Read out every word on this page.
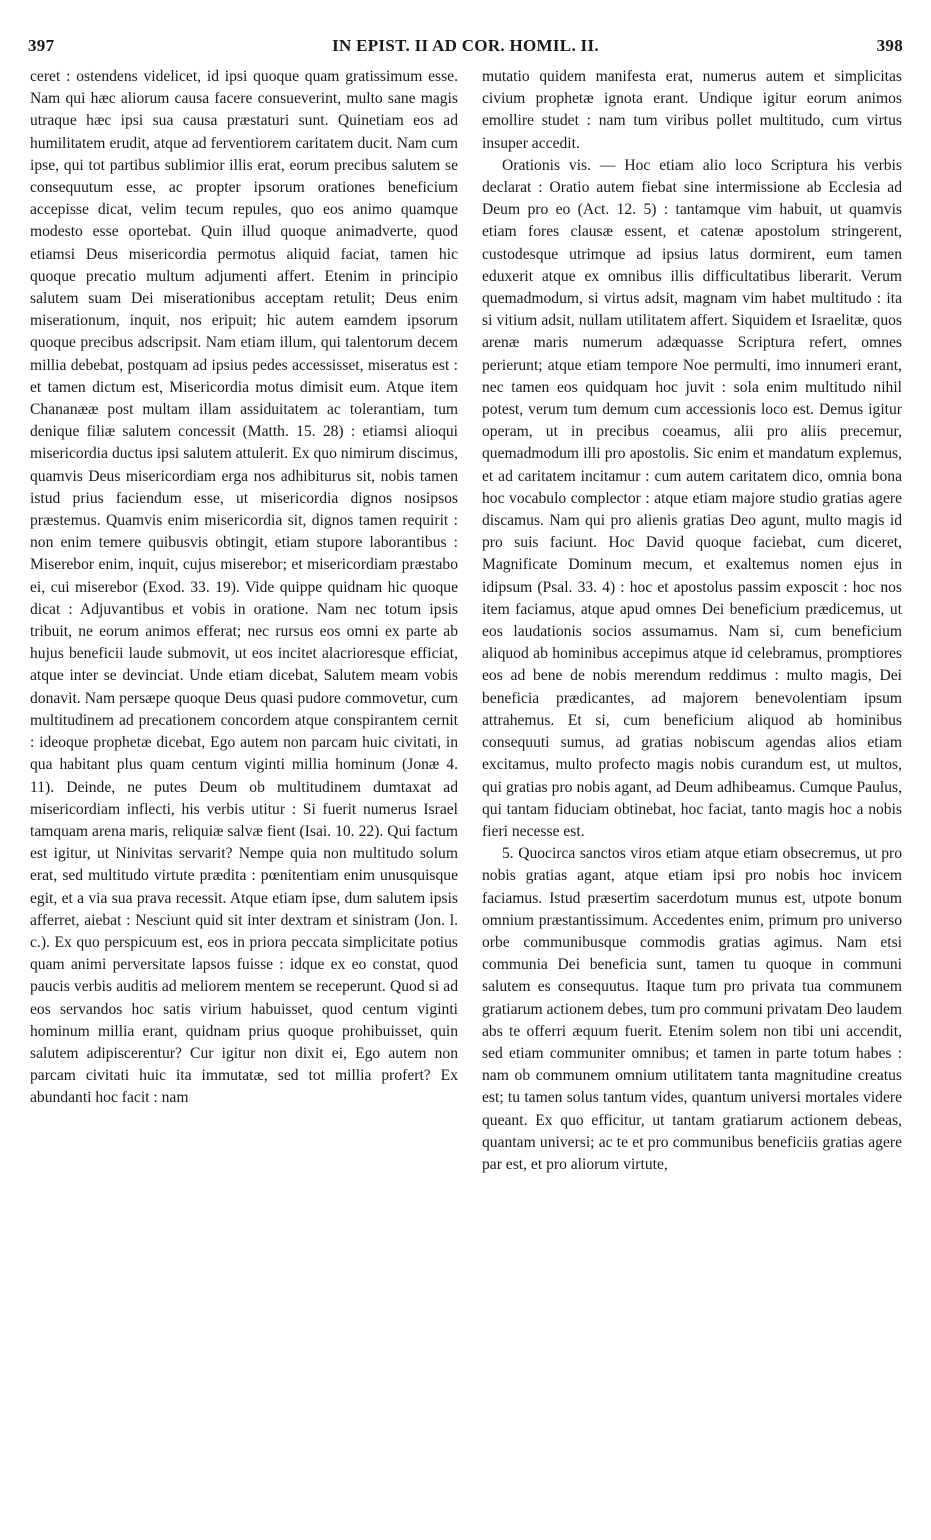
397	IN EPIST. II AD COR. HOMIL. II.	398

ceret : ostendens videlicet, id ipsi quoque quam gratissimum esse. Nam qui hæc aliorum causa facere consueverint, multo sane magis utraque hæc ipsi sua causa præstaturi sunt. Quinetiam eos ad humilitatem erudit, atque ad ferventiorem caritatem ducit. Nam cum ipse, qui tot partibus sublimior illis erat, eorum precibus salutem se consequutum esse, ac propter ipsorum orationes beneficium accepisse dicat, velim tecum repules, quo eos animo quamque modesto esse oportebat. Quin illud quoque animadverte, quod etiamsi Deus misericordia permotus aliquid faciat, tamen hic quoque precatio multum adjumenti affert. Etenim in principio salutem suam Dei miserationibus acceptam retulit; Deus enim miserationum, inquit, nos eripuit; hic autem eamdem ipsorum quoque precibus adscripsit. Nam etiam illum, qui talentorum decem millia debebat, postquam ad ipsius pedes accessisset, miseratus est : et tamen dictum est, Misericordia motus dimisit eum. Atque item Chananææ post multam illam assiduitatem ac tolerantiam, tum denique filiæ salutem concessit (Matth. 15. 28) : etiamsi alioqui misericordia ductus ipsi salutem attulerit. Ex quo nimirum discimus, quamvis Deus misericordiam erga nos adhibiturus sit, nobis tamen istud prius faciendum esse, ut misericordia dignos nosipsos præstemus. Quamvis enim misericordia sit, dignos tamen requirit : non enim temere quibusvis obtingit, etiam stupore laborantibus : Miserebor enim, inquit, cujus miserebor; et misericordiam præstabo ei, cui miserebor (Exod. 33. 19). Vide quippe quidnam hic quoque dicat : Adjuvantibus et vobis in oratione. Nam nec totum ipsis tribuit, ne eorum animos efferat; nec rursus eos omni ex parte ab hujus beneficii laude submovit, ut eos incitet alacrioresque efficiat, atque inter se devinciat. Unde etiam dicebat, Salutem meam vobis donavit. Nam persæpe quoque Deus quasi pudore commovetur, cum multitudinem ad precationem concordem atque conspirantem cernit : ideoque prophetæ dicebat, Ego autem non parcam huic civitati, in qua habitant plus quam centum viginti millia hominum (Jonæ 4. 11). Deinde, ne putes Deum ob multitudinem dumtaxat ad misericordiam inflecti, his verbis utitur : Si fuerit numerus Israel tamquam arena maris, reliquiæ salvæ fient (Isai. 10. 22). Qui factum est igitur, ut Ninivitas servarit? Nempe quia non multitudo solum erat, sed multitudo virtute prædita : pœnitentiam enim unusquisque egit, et a via sua prava recessit. Atque etiam ipse, dum salutem ipsis afferret, aiebat : Nesciunt quid sit inter dextram et sinistram (Jon. l. c.). Ex quo perspicuum est, eos in priora peccata simplicitate potius quam animi perversitate lapsos fuisse : idque ex eo constat, quod paucis verbis auditis ad meliorem mentem se receperunt. Quod si ad eos servandos hoc satis virium habuisset, quod centum viginti hominum millia erant, quidnam prius quoque prohibuisset, quin salutem adipiscerentur? Cur igitur non dixit ei, Ego autem non parcam civitati huic ita immutatæ, sed tot millia profert? Ex abundanti hoc facit : nam

mutatio quidem manifesta erat, numerus autem et simplicitas civium prophetæ ignota erant. Undique igitur eorum animos emollire studet : nam tum viribus pollet multitudo, cum virtus insuper accedit.

Orationis vis. — Hoc etiam alio loco Scriptura his verbis declarat : Oratio autem fiebat sine intermissione ab Ecclesia ad Deum pro eo (Act. 12. 5) : tantamque vim habuit, ut quamvis etiam fores clausæ essent, et catenæ apostolum stringerent, custodesque utrimque ad ipsius latus dormirent, eum tamen eduxerit atque ex omnibus illis difficultatibus liberarit. Verum quemadmodum, si virtus adsit, magnam vim habet multitudo : ita si vitium adsit, nullam utilitatem affert. Siquidem et Israelitæ, quos arenæ maris numerum adæquasse Scriptura refert, omnes perierunt; atque etiam tempore Noe permulti, imo innumeri erant, nec tamen eos quidquam hoc juvit : sola enim multitudo nihil potest, verum tum demum cum accessionis loco est. Demus igitur operam, ut in precibus coeamus, alii pro aliis precemur, quemadmodum illi pro apostolis. Sic enim et mandatum explemus, et ad caritatem incitamur : cum autem caritatem dico, omnia bona hoc vocabulo complector : atque etiam majore studio gratias agere discamus. Nam qui pro alienis gratias Deo agunt, multo magis id pro suis faciunt. Hoc David quoque faciebat, cum diceret, Magnificate Dominum mecum, et exaltemus nomen ejus in idipsum (Psal. 33. 4) : hoc et apostolus passim exposcit : hoc nos item faciamus, atque apud omnes Dei beneficium prædicemus, ut eos laudationis socios assumamus. Nam si, cum beneficium aliquod ab hominibus accepimus atque id celebramus, promptiores eos ad bene de nobis merendum reddimus : multo magis, Dei beneficia prædicantes, ad majorem benevolentiam ipsum attrahemus. Et si, cum beneficium aliquod ab hominibus consequuti sumus, ad gratias nobiscum agendas alios etiam excitamus, multo profecto magis nobis curandum est, ut multos, qui gratias pro nobis agant, ad Deum adhibeamus. Cumque Paulus, qui tantam fiduciam obtinebat, hoc faciat, tanto magis hoc a nobis fieri necesse est.

5. Quocirca sanctos viros etiam atque etiam obsecremus, ut pro nobis gratias agant, atque etiam ipsi pro nobis hoc invicem faciamus. Istud præsertim sacerdotum munus est, utpote bonum omnium præstantissimum. Accedentes enim, primum pro universo orbe communibusque commodis gratias agimus. Nam etsi communia Dei beneficia sunt, tamen tu quoque in communi salutem es consequutus. Itaque tum pro privata tua communem gratiarum actionem debes, tum pro communi privatam Deo laudem abs te offerri æquum fuerit. Etenim solem non tibi uni accendit, sed etiam communiter omnibus; et tamen in parte totum habes : nam ob communem omnium utilitatem tanta magnitudine creatus est; tu tamen solus tantum vides, quantum universi mortales videre queant. Ex quo efficitur, ut tantam gratiarum actionem debeas, quantam universi; ac te et pro communibus beneficiis gratias agere par est, et pro aliorum virtute,
